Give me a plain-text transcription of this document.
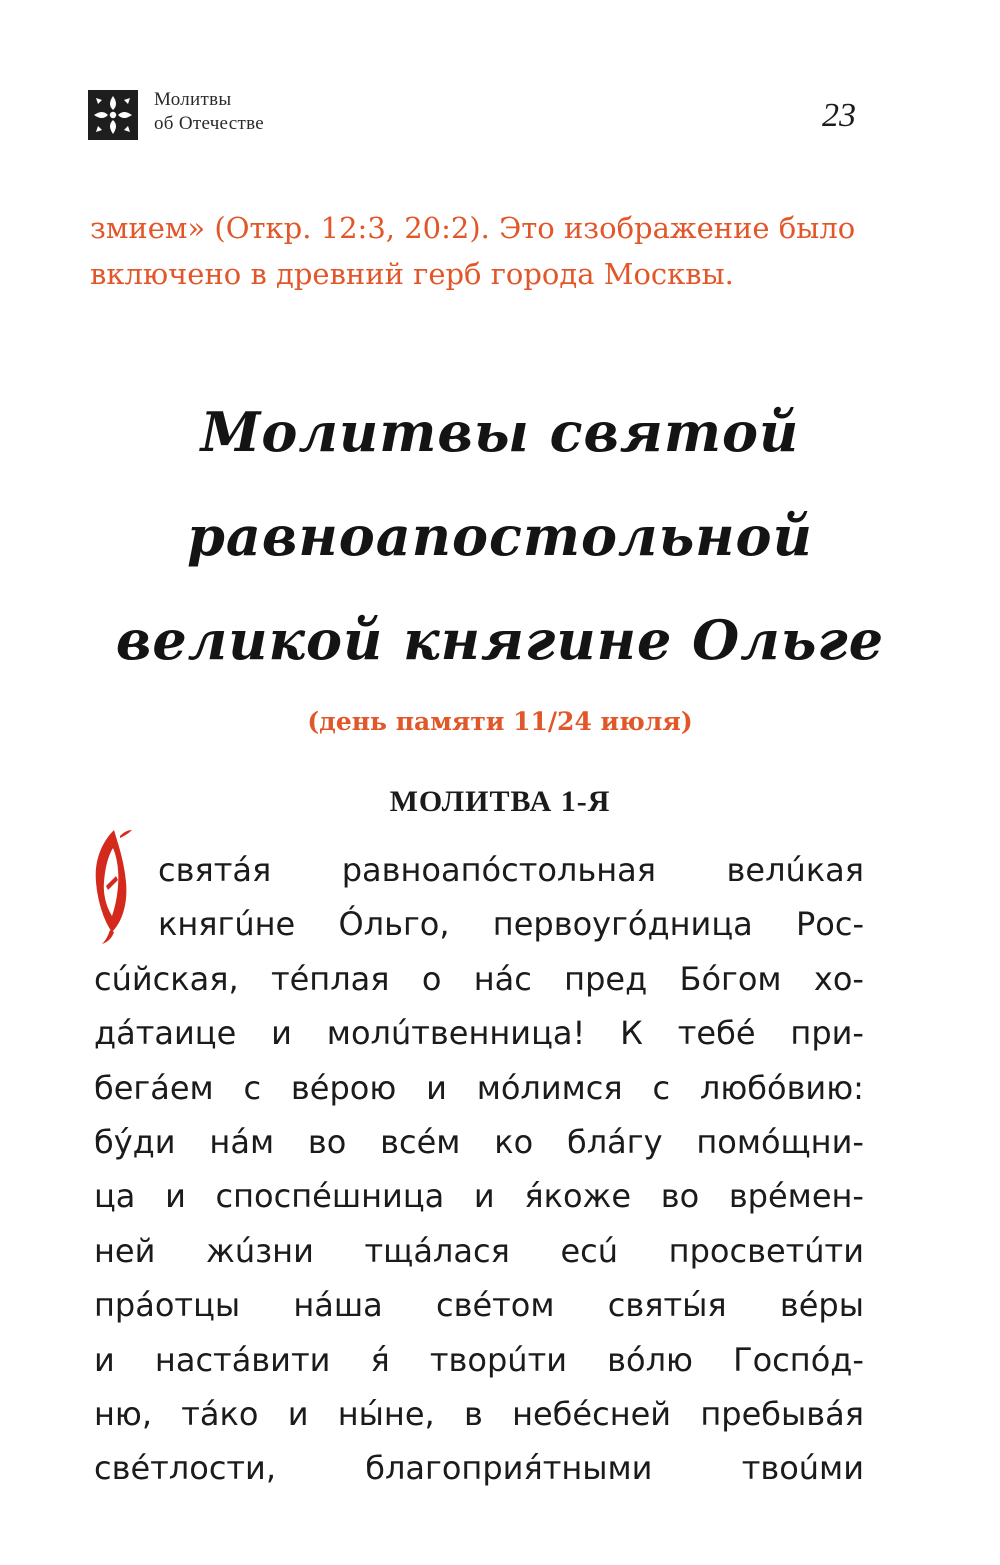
Молитвы
об Отечестве	23

змием» (Откр. 12:3, 20:2). Это изображение было

включено в древний герб города Москвы.

Молитвы святой

равноапостольной

великой княгине Ольге

(день памяти 11/24 июля)
МОЛИТВА 1-Я
святáя равноапóстольная велúкая
княгúне Óльго, первоугóдница Рос-
сúйская, тéплая о нáс пред Бóгом хо-
дáтаице и молúтвенница! К тебé при-
бегáем с вéрою и мóлимся с любóвию:
бýди нáм во всéм ко блáгу помóщни-
ца и споспéшница и я́коже во врéмен-
ней жúзни тщáлася есú просветúти
прáотцы нáша свéтом святы́я вéры
и настáвити я́ творúти вóлю Госпóд-
ню, тáко и ны́не, в небéсней пребывáя
свéтлости,	благоприя́тными	твоúми
